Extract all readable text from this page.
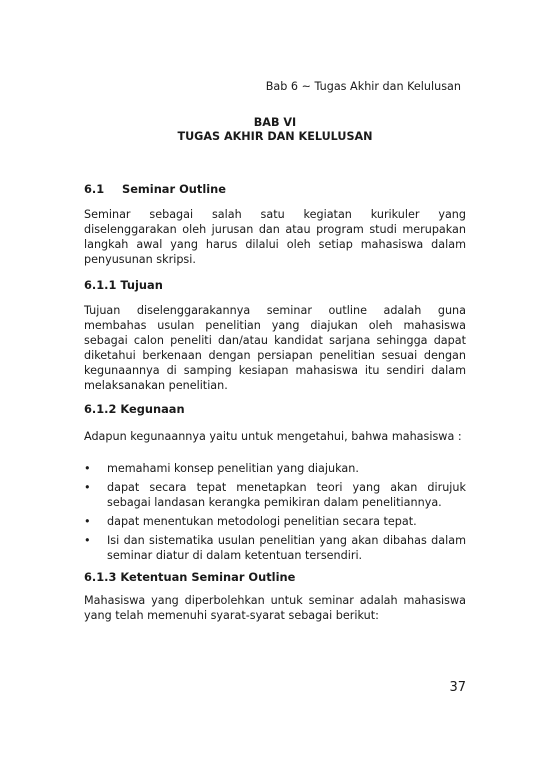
Bab 6 ~ Tugas Akhir dan Kelulusan
BAB VI
TUGAS AKHIR DAN KELULUSAN
6.1 Seminar Outline

Seminar sebagai salah satu kegiatan kurikuler yang diselenggarakan oleh jurusan dan atau program studi merupakan langkah awal yang harus dilalui oleh setiap mahasiswa dalam penyusunan skripsi.

6.1.1 Tujuan

Tujuan diselenggarakannya seminar outline adalah guna membahas usulan penelitian yang diajukan oleh mahasiswa sebagai calon peneliti dan/atau kandidat sarjana sehingga dapat diketahui berkenaan dengan persiapan penelitian sesuai dengan kegunaannya di samping kesiapan mahasiswa itu sendiri dalam melaksanakan penelitian.

6.1.2 Kegunaan

Adapun kegunaannya yaitu untuk mengetahui, bahwa mahasiswa :

• memahami konsep penelitian yang diajukan.
• dapat secara tepat menetapkan teori yang akan dirujuk sebagai landasan kerangka pemikiran dalam penelitiannya.
• dapat menentukan metodologi penelitian secara tepat.
• Isi dan sistematika usulan penelitian yang akan dibahas dalam seminar diatur di dalam ketentuan tersendiri.
6.1.3 Ketentuan Seminar Outline

Mahasiswa yang diperbolehkan untuk seminar adalah mahasiswa yang telah memenuhi syarat-syarat sebagai berikut:

37
